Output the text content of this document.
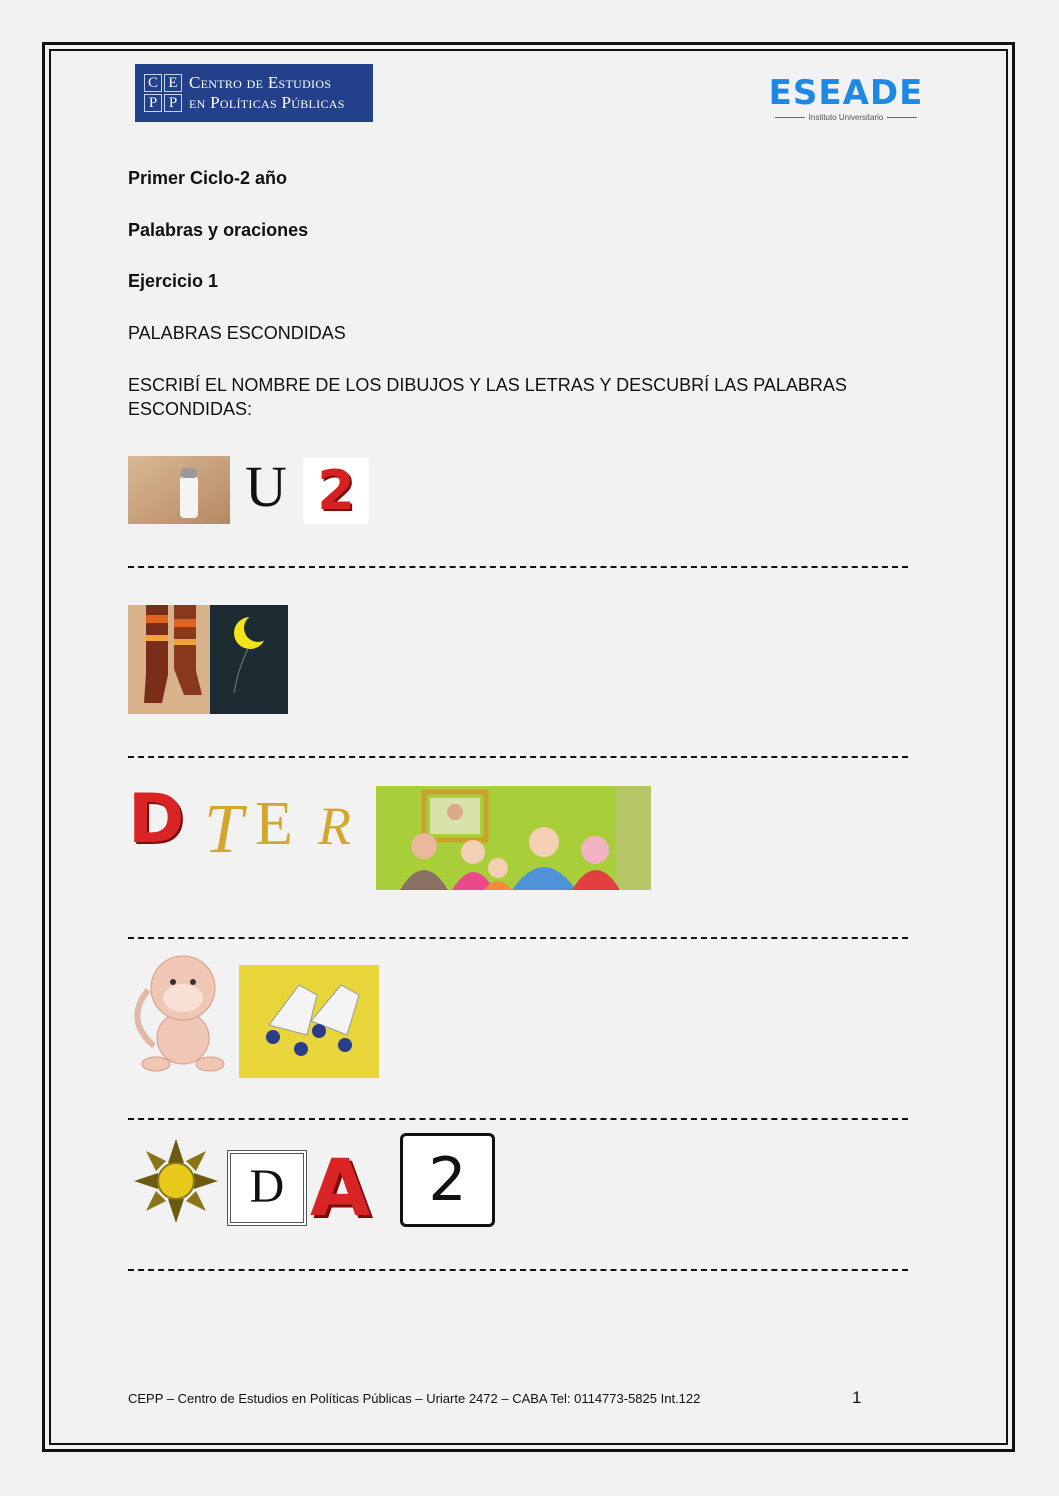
C E
P P
Centro de Estudios
en Políticas Públicas	ESEADE
Instituto Universitario
Primer Ciclo-2 año
Palabras y oraciones
Ejercicio 1
PALABRAS ESCONDIDAS
ESCRIBÍ EL NOMBRE DE LOS DIBUJOS Y LAS LETRAS Y DESCUBRÍ LAS PALABRAS ESCONDIDAS:
U 2
D T E R
D A 2
CEPP – Centro de Estudios en Políticas Públicas – Uriarte 2472 – CABA Tel: 0114773-5825 Int.122	1
